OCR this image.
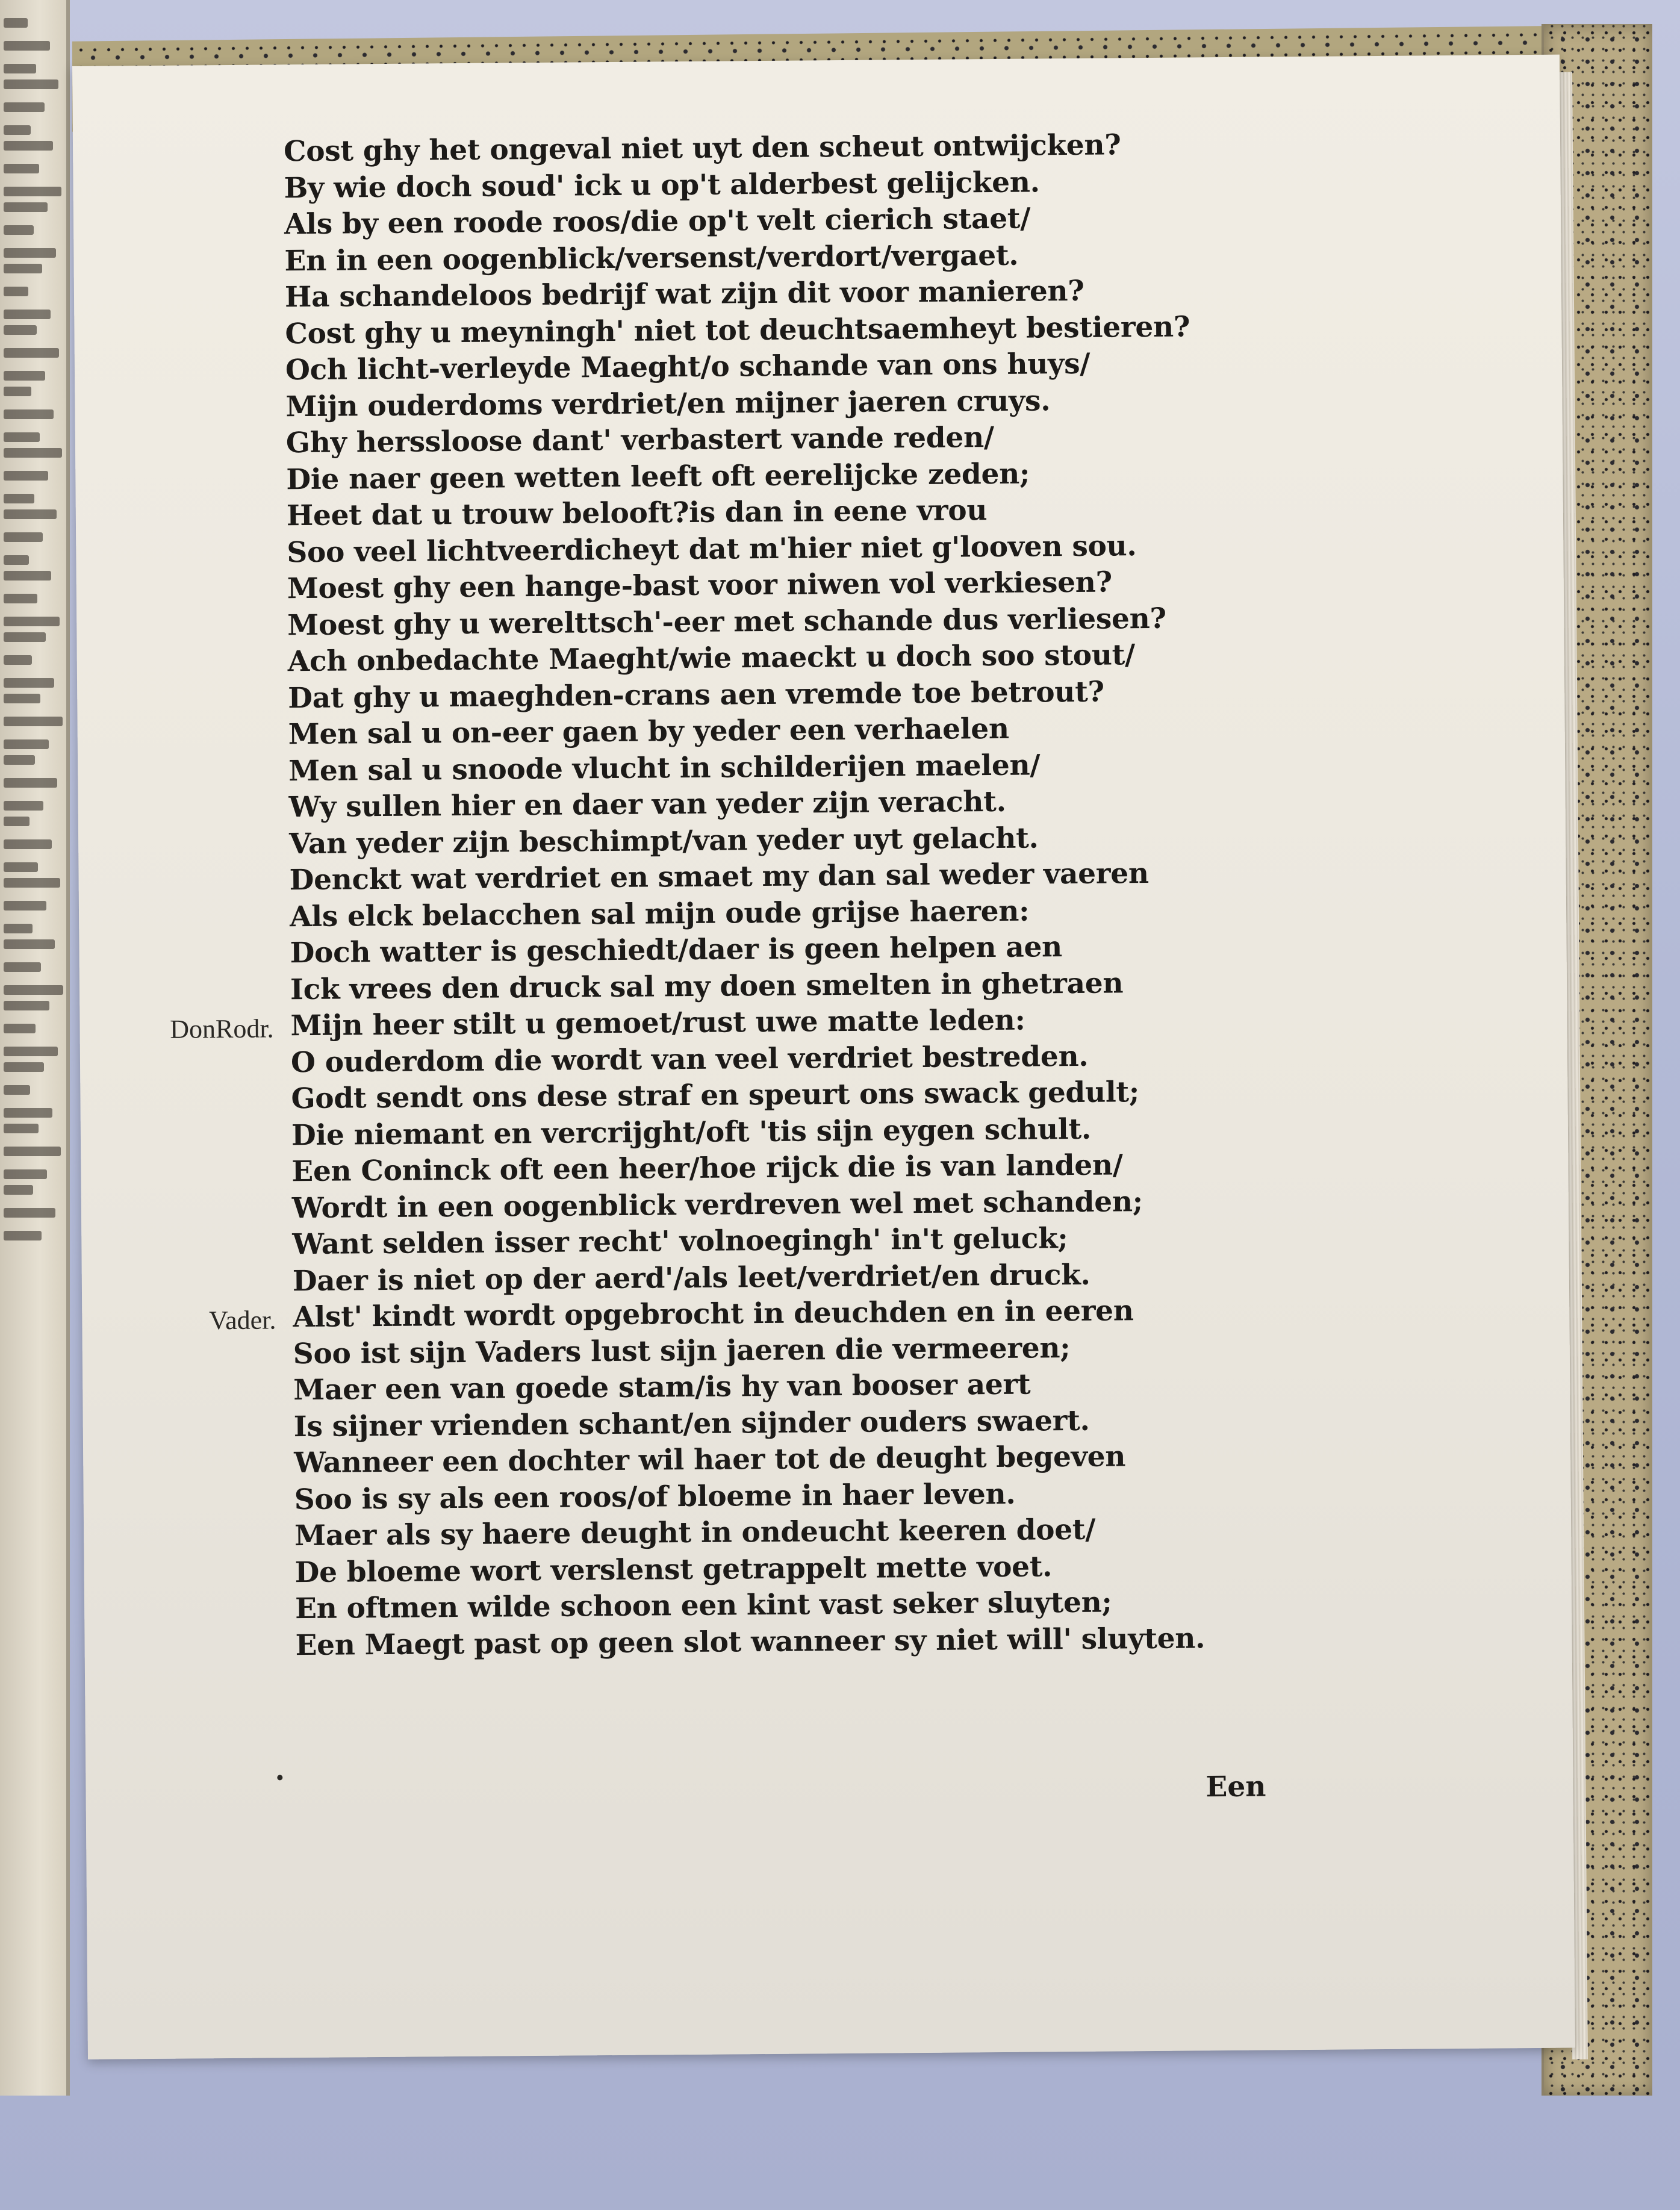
Cost ghy het ongeval niet uyt den scheut ontwijcken?
By wie doch soud' ick u op't alderbest gelijcken.
Als by een roode roos/die op't velt cierich staet/
En in een oogenblick/versenst/verdort/vergaet.
Ha schandeloos bedrijf wat zijn dit voor manieren?
Cost ghy u meyningh' niet tot deuchtsaemheyt bestieren?
Och licht-verleyde Maeght/o schande van ons huys/
Mijn ouderdoms verdriet/en mijner jaeren cruys.
Ghy herssloose dant' verbastert vande reden/
Die naer geen wetten leeft oft eerelijcke zeden;
Heet dat u trouw belooft?is dan in eene vrou
Soo veel lichtveerdicheyt dat m'hier niet g'looven sou.
Moest ghy een hange-bast voor niwen vol verkiesen?
Moest ghy u werelttsch'-eer met schande dus verliesen?
Ach onbedachte Maeght/wie maeckt u doch soo stout/
Dat ghy u maeghden-crans aen vremde toe betrout?
Men sal u on-eer gaen by yeder een verhaelen
Men sal u snoode vlucht in schilderijen maelen/
Wy sullen hier en daer van yeder zijn veracht.
Van yeder zijn beschimpt/van yeder uyt gelacht.
Denckt wat verdriet en smaet my dan sal weder vaeren
Als elck belacchen sal mijn oude grijse haeren:
Doch watter is geschiedt/daer is geen helpen aen
Ick vrees den druck sal my doen smelten in ghetraen
DonRodr. Mijn heer stilt u gemoet/rust uwe matte leden:
O ouderdom die wordt van veel verdriet bestreden.
Godt sendt ons dese straf en speurt ons swack gedult;
Die niemant en vercrijght/oft 'tis sijn eygen schult.
Een Coninck oft een heer/hoe rijck die is van landen/
Wordt in een oogenblick verdreven wel met schanden;
Want selden isser recht' volnoegingh' in't geluck;
Daer is niet op der aerd'/als leet/verdriet/en druck.
Vader. Alst' kindt wordt opgebrocht in deuchden en in eeren
Soo ist sijn Vaders lust sijn jaeren die vermeeren;
Maer een van goede stam/is hy van booser aert
Is sijner vrienden schant/en sijnder ouders swaert.
Wanneer een dochter wil haer tot de deught begeven
Soo is sy als een roos/of bloeme in haer leven.
Maer als sy haere deught in ondeucht keeren doet/
De bloeme wort verslenst getrappelt mette voet.
En oftmen wilde schoon een kint vast seker sluyten;
Een Maegt past op geen slot wanneer sy niet will' sluyten.
Een
